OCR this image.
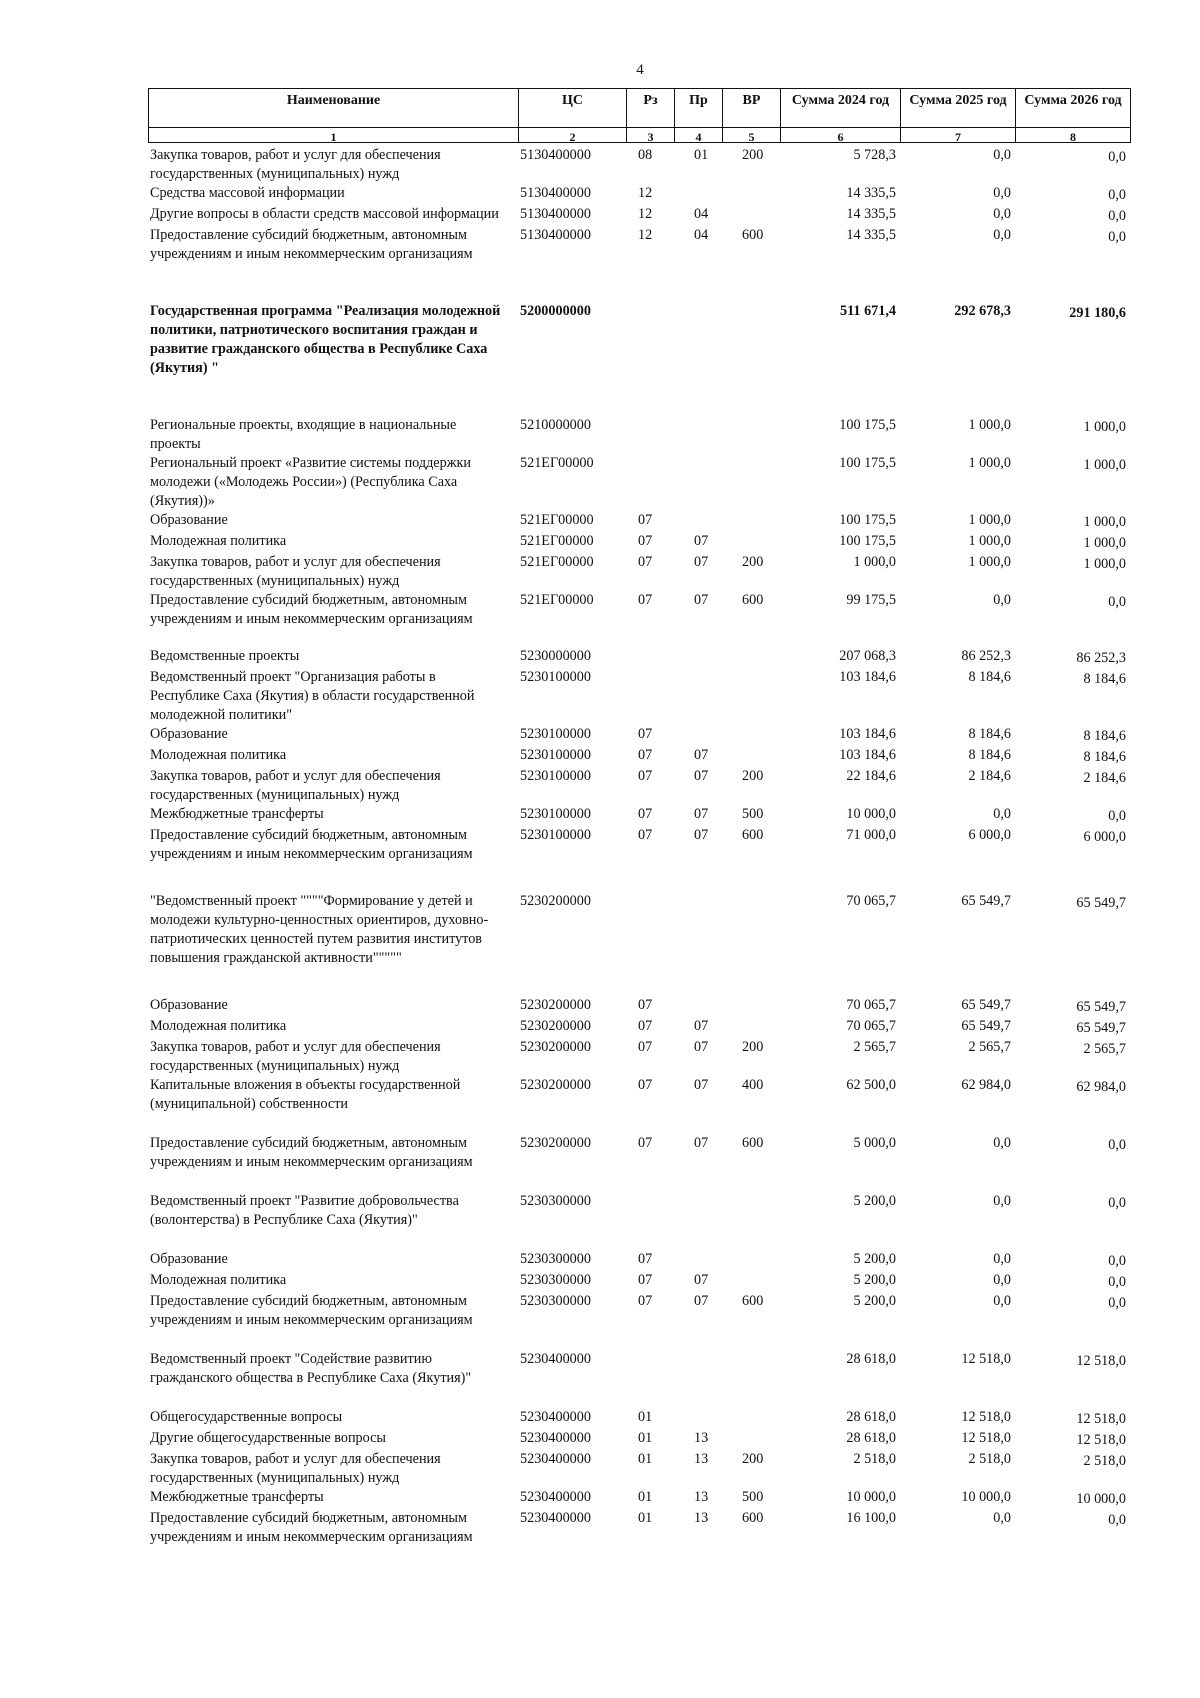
4
Наименование	ЦС	Рз	Пр	ВР	Сумма 2024 год	Сумма 2025 год	Сумма 2026 год
1	2	3	4	5	6	7	8
Закупка товаров, работ и услуг для обеспечения государственных (муниципальных) нужд	5130400000	08	01	200	5 728,3	0,0	0,0
Средства массовой информации	5130400000	12			14 335,5	0,0	0,0
Другие вопросы в области средств массовой информации	5130400000	12	04		14 335,5	0,0	0,0
Предоставление субсидий бюджетным, автономным учреждениям и иным некоммерческим организациям	5130400000	12	04	600	14 335,5	0,0	0,0
Государственная программа "Реализация молодежной политики, патриотического воспитания граждан и развитие гражданского общества в Республике Саха (Якутия) "	5200000000				511 671,4	292 678,3	291 180,6
Региональные проекты, входящие в национальные проекты	5210000000				100 175,5	1 000,0	1 000,0
Региональный проект «Развитие системы поддержки молодежи («Молодежь России») (Республика Саха (Якутия))»	521ЕГ00000				100 175,5	1 000,0	1 000,0
Образование	521ЕГ00000	07			100 175,5	1 000,0	1 000,0
Молодежная политика	521ЕГ00000	07	07		100 175,5	1 000,0	1 000,0
Закупка товаров, работ и услуг для обеспечения государственных (муниципальных) нужд	521ЕГ00000	07	07	200	1 000,0	1 000,0	1 000,0
Предоставление субсидий бюджетным, автономным учреждениям и иным некоммерческим организациям	521ЕГ00000	07	07	600	99 175,5	0,0	0,0
Ведомственные проекты	5230000000				207 068,3	86 252,3	86 252,3
Ведомственный проект "Организация работы в Республике Саха (Якутия) в области государственной молодежной политики"	5230100000				103 184,6	8 184,6	8 184,6
Образование	5230100000	07			103 184,6	8 184,6	8 184,6
Молодежная политика	5230100000	07	07		103 184,6	8 184,6	8 184,6
Закупка товаров, работ и услуг для обеспечения государственных (муниципальных) нужд	5230100000	07	07	200	22 184,6	2 184,6	2 184,6
Межбюджетные трансферты	5230100000	07	07	500	10 000,0	0,0	0,0
Предоставление субсидий бюджетным, автономным учреждениям и иным некоммерческим организациям	5230100000	07	07	600	71 000,0	6 000,0	6 000,0
"Ведомственный проект """"Формирование у детей и молодежи культурно-ценностных ориентиров, духовно-патриотических ценностей путем развития институтов повышения гражданской активности"""""	5230200000				70 065,7	65 549,7	65 549,7
Образование	5230200000	07			70 065,7	65 549,7	65 549,7
Молодежная политика	5230200000	07	07		70 065,7	65 549,7	65 549,7
Закупка товаров, работ и услуг для обеспечения государственных (муниципальных) нужд	5230200000	07	07	200	2 565,7	2 565,7	2 565,7
Капитальные вложения в объекты государственной (муниципальной) собственности	5230200000	07	07	400	62 500,0	62 984,0	62 984,0
Предоставление субсидий бюджетным, автономным учреждениям и иным некоммерческим организациям	5230200000	07	07	600	5 000,0	0,0	0,0
Ведомственный проект "Развитие добровольчества (волонтерства) в Республике Саха (Якутия)"	5230300000				5 200,0	0,0	0,0
Образование	5230300000	07			5 200,0	0,0	0,0
Молодежная политика	5230300000	07	07		5 200,0	0,0	0,0
Предоставление субсидий бюджетным, автономным учреждениям и иным некоммерческим организациям	5230300000	07	07	600	5 200,0	0,0	0,0
Ведомственный проект "Содействие развитию гражданского общества в Республике Саха (Якутия)"	5230400000				28 618,0	12 518,0	12 518,0
Общегосударственные вопросы	5230400000	01			28 618,0	12 518,0	12 518,0
Другие общегосударственные вопросы	5230400000	01	13		28 618,0	12 518,0	12 518,0
Закупка товаров, работ и услуг для обеспечения государственных (муниципальных) нужд	5230400000	01	13	200	2 518,0	2 518,0	2 518,0
Межбюджетные трансферты	5230400000	01	13	500	10 000,0	10 000,0	10 000,0
Предоставление субсидий бюджетным, автономным учреждениям и иным некоммерческим организациям	5230400000	01	13	600	16 100,0	0,0	0,0
